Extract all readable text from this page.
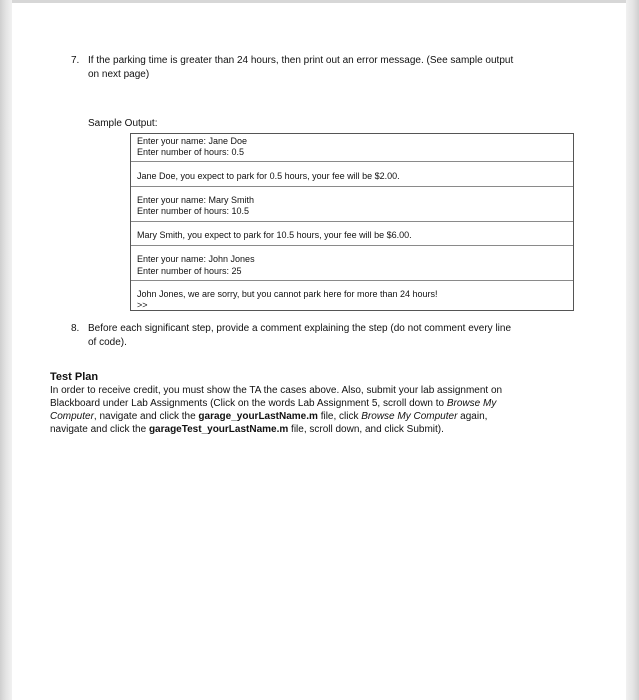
7. If the parking time is greater than 24 hours, then print out an error message. (See sample output
on next page)
Sample Output:
Enter your name: Jane Doe
Enter number of hours: 0.5
Jane Doe, you expect to park for 0.5 hours, your fee will be $2.00.
Enter your name: Mary Smith
Enter number of hours: 10.5
Mary Smith, you expect to park for 10.5 hours, your fee will be $6.00.
Enter your name: John Jones
Enter number of hours: 25
John Jones, we are sorry, but you cannot park here for more than 24 hours!
>>
8. Before each significant step, provide a comment explaining the step (do not comment every line
of code).
Test Plan
In order to receive credit, you must show the TA the cases above. Also, submit your lab assignment on
Blackboard under Lab Assignments (Click on the words Lab Assignment 5, scroll down to Browse My
Computer, navigate and click the garage_yourLastName.m file, click Browse My Computer again,
navigate and click the garageTest_yourLastName.m file, scroll down, and click Submit).
